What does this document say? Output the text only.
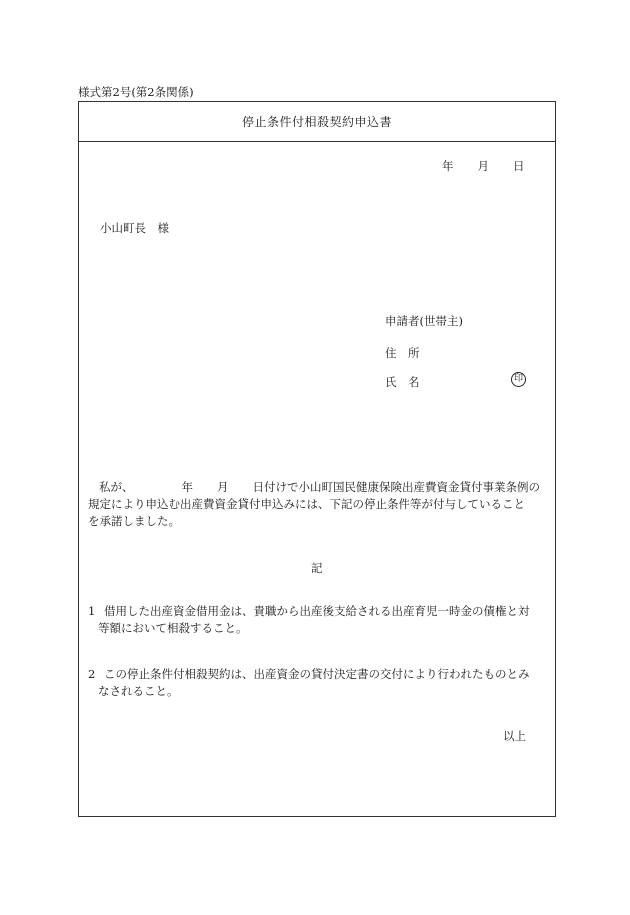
様式第2号(第2条関係)
停止条件付相殺契約申込書
年 月 日
小山町長　様
申請者(世帯主)
住　所
氏　名	印
私が、	年 月 日付けで小山町国民健康保険出産費資金貸付事業条例の
規定により申込む出産費資金貸付申込みには、下記の停止条件等が付与していること
を承諾しました。
記
1 借用した出産資金借用金は、貴職から出産後支給される出産育児一時金の債権と対
等額において相殺すること。
2 この停止条件付相殺契約は、出産資金の貸付決定書の交付により行われたものとみ
なされること。
以上
